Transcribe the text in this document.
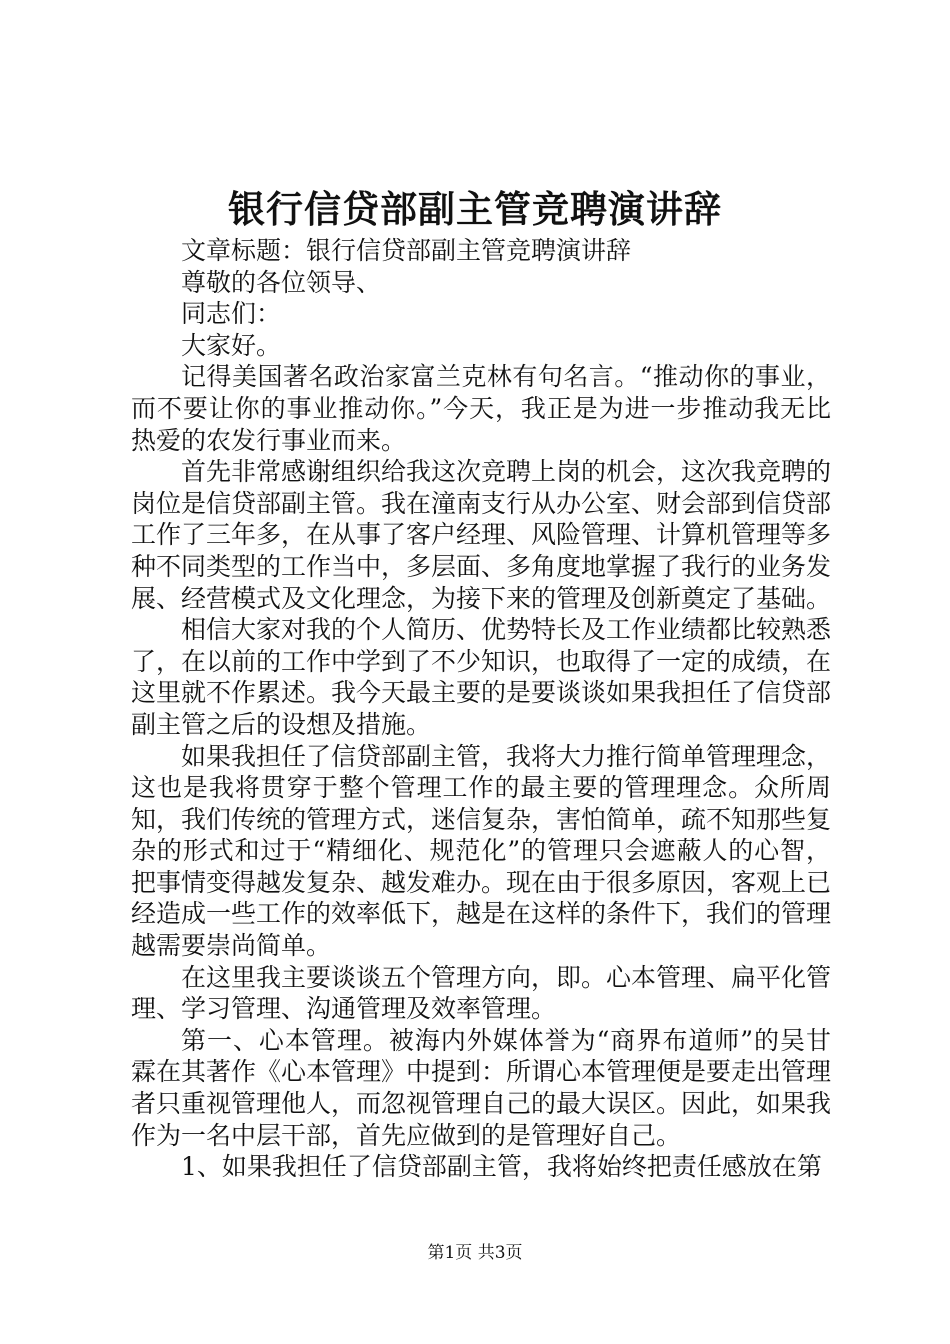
银行信贷部副主管竞聘演讲辞

文章标题：银行信贷部副主管竞聘演讲辞

尊敬的各位领导、

同志们：

大家好。

记得美国著名政治家富兰克林有句名言。“推动你的事业，而不要让你的事业推动你。”今天，我正是为进一步推动我无比热爱的农发行事业而来。

首先非常感谢组织给我这次竞聘上岗的机会，这次我竞聘的岗位是信贷部副主管。我在潼南支行从办公室、财会部到信贷部工作了三年多，在从事了客户经理、风险管理、计算机管理等多种不同类型的工作当中，多层面、多角度地掌握了我行的业务发展、经营模式及文化理念，为接下来的管理及创新奠定了基础。

相信大家对我的个人简历、优势特长及工作业绩都比较熟悉了，在以前的工作中学到了不少知识，也取得了一定的成绩，在这里就不作累述。我今天最主要的是要谈谈如果我担任了信贷部副主管之后的设想及措施。

如果我担任了信贷部副主管，我将大力推行简单管理理念，这也是我将贯穿于整个管理工作的最主要的管理理念。众所周知，我们传统的管理方式，迷信复杂，害怕简单，疏不知那些复杂的形式和过于“精细化、规范化”的管理只会遮蔽人的心智，把事情变得越发复杂、越发难办。现在由于很多原因，客观上已经造成一些工作的效率低下，越是在这样的条件下，我们的管理越需要崇尚简单。

在这里我主要谈谈五个管理方向，即。心本管理、扁平化管理、学习管理、沟通管理及效率管理。

第一、心本管理。被海内外媒体誉为“商界布道师”的吴甘霖在其著作《心本管理》中提到：所谓心本管理便是要走出管理者只重视管理他人，而忽视管理自己的最大误区。因此，如果我作为一名中层干部，首先应做到的是管理好自己。

1、如果我担任了信贷部副主管，我将始终把责任感放在第

第1页 共3页
